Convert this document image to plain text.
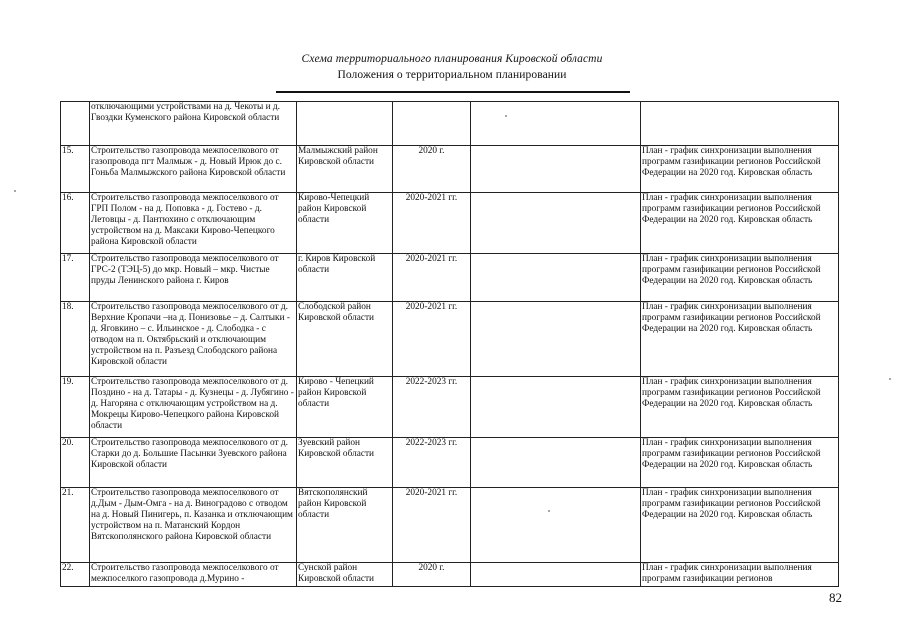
Схема территориального планирования Кировской области
Положения о территориальном планировании
	отключающими устройствами на д. Чекоты и д. Гвоздки Куменского района Кировской области				
15.	Строительство газопровода межпоселкового от газопровода пгт Малмыж - д. Новый Ирюк до с. Гоньба Малмыжского района Кировской области	Малмыжский район Кировской области	2020 г.		План - график синхронизации выполнения программ газификации регионов Российской Федерации на 2020 год. Кировская область
16.	Строительство газопровода межпоселкового от ГРП Полом - на д. Поповка - д. Гостево - д. Летовцы - д. Пантюхино с отключающим устройством на д. Максаки Кирово-Чепецкого района Кировской области	Кирово-Чепецкий район Кировской области	2020-2021 гг.		План - график синхронизации выполнения программ газификации регионов Российской Федерации на 2020 год. Кировская область
17.	Строительство газопровода межпоселкового от ГРС-2 (ТЭЦ-5) до мкр. Новый – мкр. Чистые пруды Ленинского района г. Киров	г. Киров Кировской области	2020-2021 гг.		План - график синхронизации выполнения программ газификации регионов Российской Федерации на 2020 год. Кировская область
18.	Строительство газопровода межпоселкового от д. Верхние Кропачи –на д. Понизовье – д. Салтыки - д. Яговкино – с. Ильинское - д. Слободка - с отводом на п. Октябрьский и отключающим устройством на п. Разъезд Слободского района Кировской области	Слободской район Кировской области	2020-2021 гг.		План - график синхронизации выполнения программ газификации регионов Российской Федерации на 2020 год. Кировская область
19.	Строительство газопровода межпоселкового от д. Поздино - на д. Татары - д. Кузнецы - д. Лубягино - д. Нагоряна с отключающим устройством на д. Мокрецы Кирово-Чепецкого района Кировской области	Кирово - Чепецкий район Кировской области	2022-2023 гг.		План - график синхронизации выполнения программ газификации регионов Российской Федерации на 2020 год. Кировская область
20.	Строительство газопровода межпоселкового от д. Старки до д. Большие Пасынки Зуевского района Кировской области	Зуевский район Кировской области	2022-2023 гг.		План - график синхронизации выполнения программ газификации регионов Российской Федерации на 2020 год. Кировская область
21.	Строительство газопровода межпоселкового от д.Дым - Дым-Омга - на д. Виноградово с отводом на д. Новый Пинигерь, п. Казанка и отключающим устройством на п. Матанский Кордон Вятскополянского района Кировской области	Вятскополянский район Кировской области	2020-2021 гг.		План - график синхронизации выполнения программ газификации регионов Российской Федерации на 2020 год. Кировская область
22.	Строительство газопровода межпоселкового от межпоселкого газопровода д.Мурино -	Сунской район Кировской области	2020 г.		План - график синхронизации выполнения программ газификации регионов
82
